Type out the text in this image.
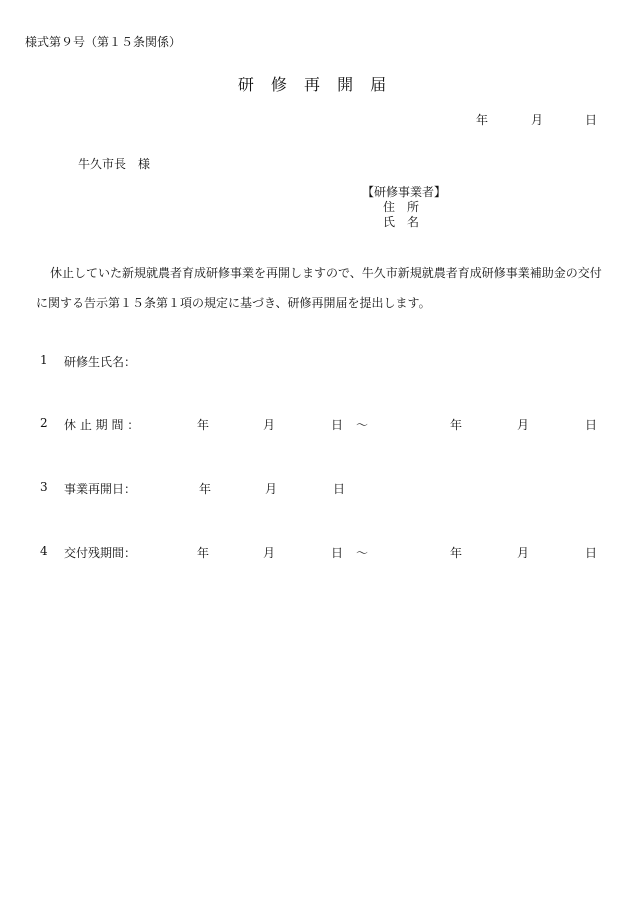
様式第９号（第１５条関係）
研 修 再 開 届
年	月	日
牛久市長　様
【研修事業者】
住　所
氏　名
休止していた新規就農者育成研修事業を再開しますので、牛久市新規就農者育成研修事業補助金の交付に関する告示第１５条第１項の規定に基づき、研修再開届を提出します。
1 研修生氏名：
2 休 止 期 間 ：	年	月	日 ～	年	月	日
3 事業再開日：	年	月	日
4 交付残期間：	年	月	日 ～	年	月	日
